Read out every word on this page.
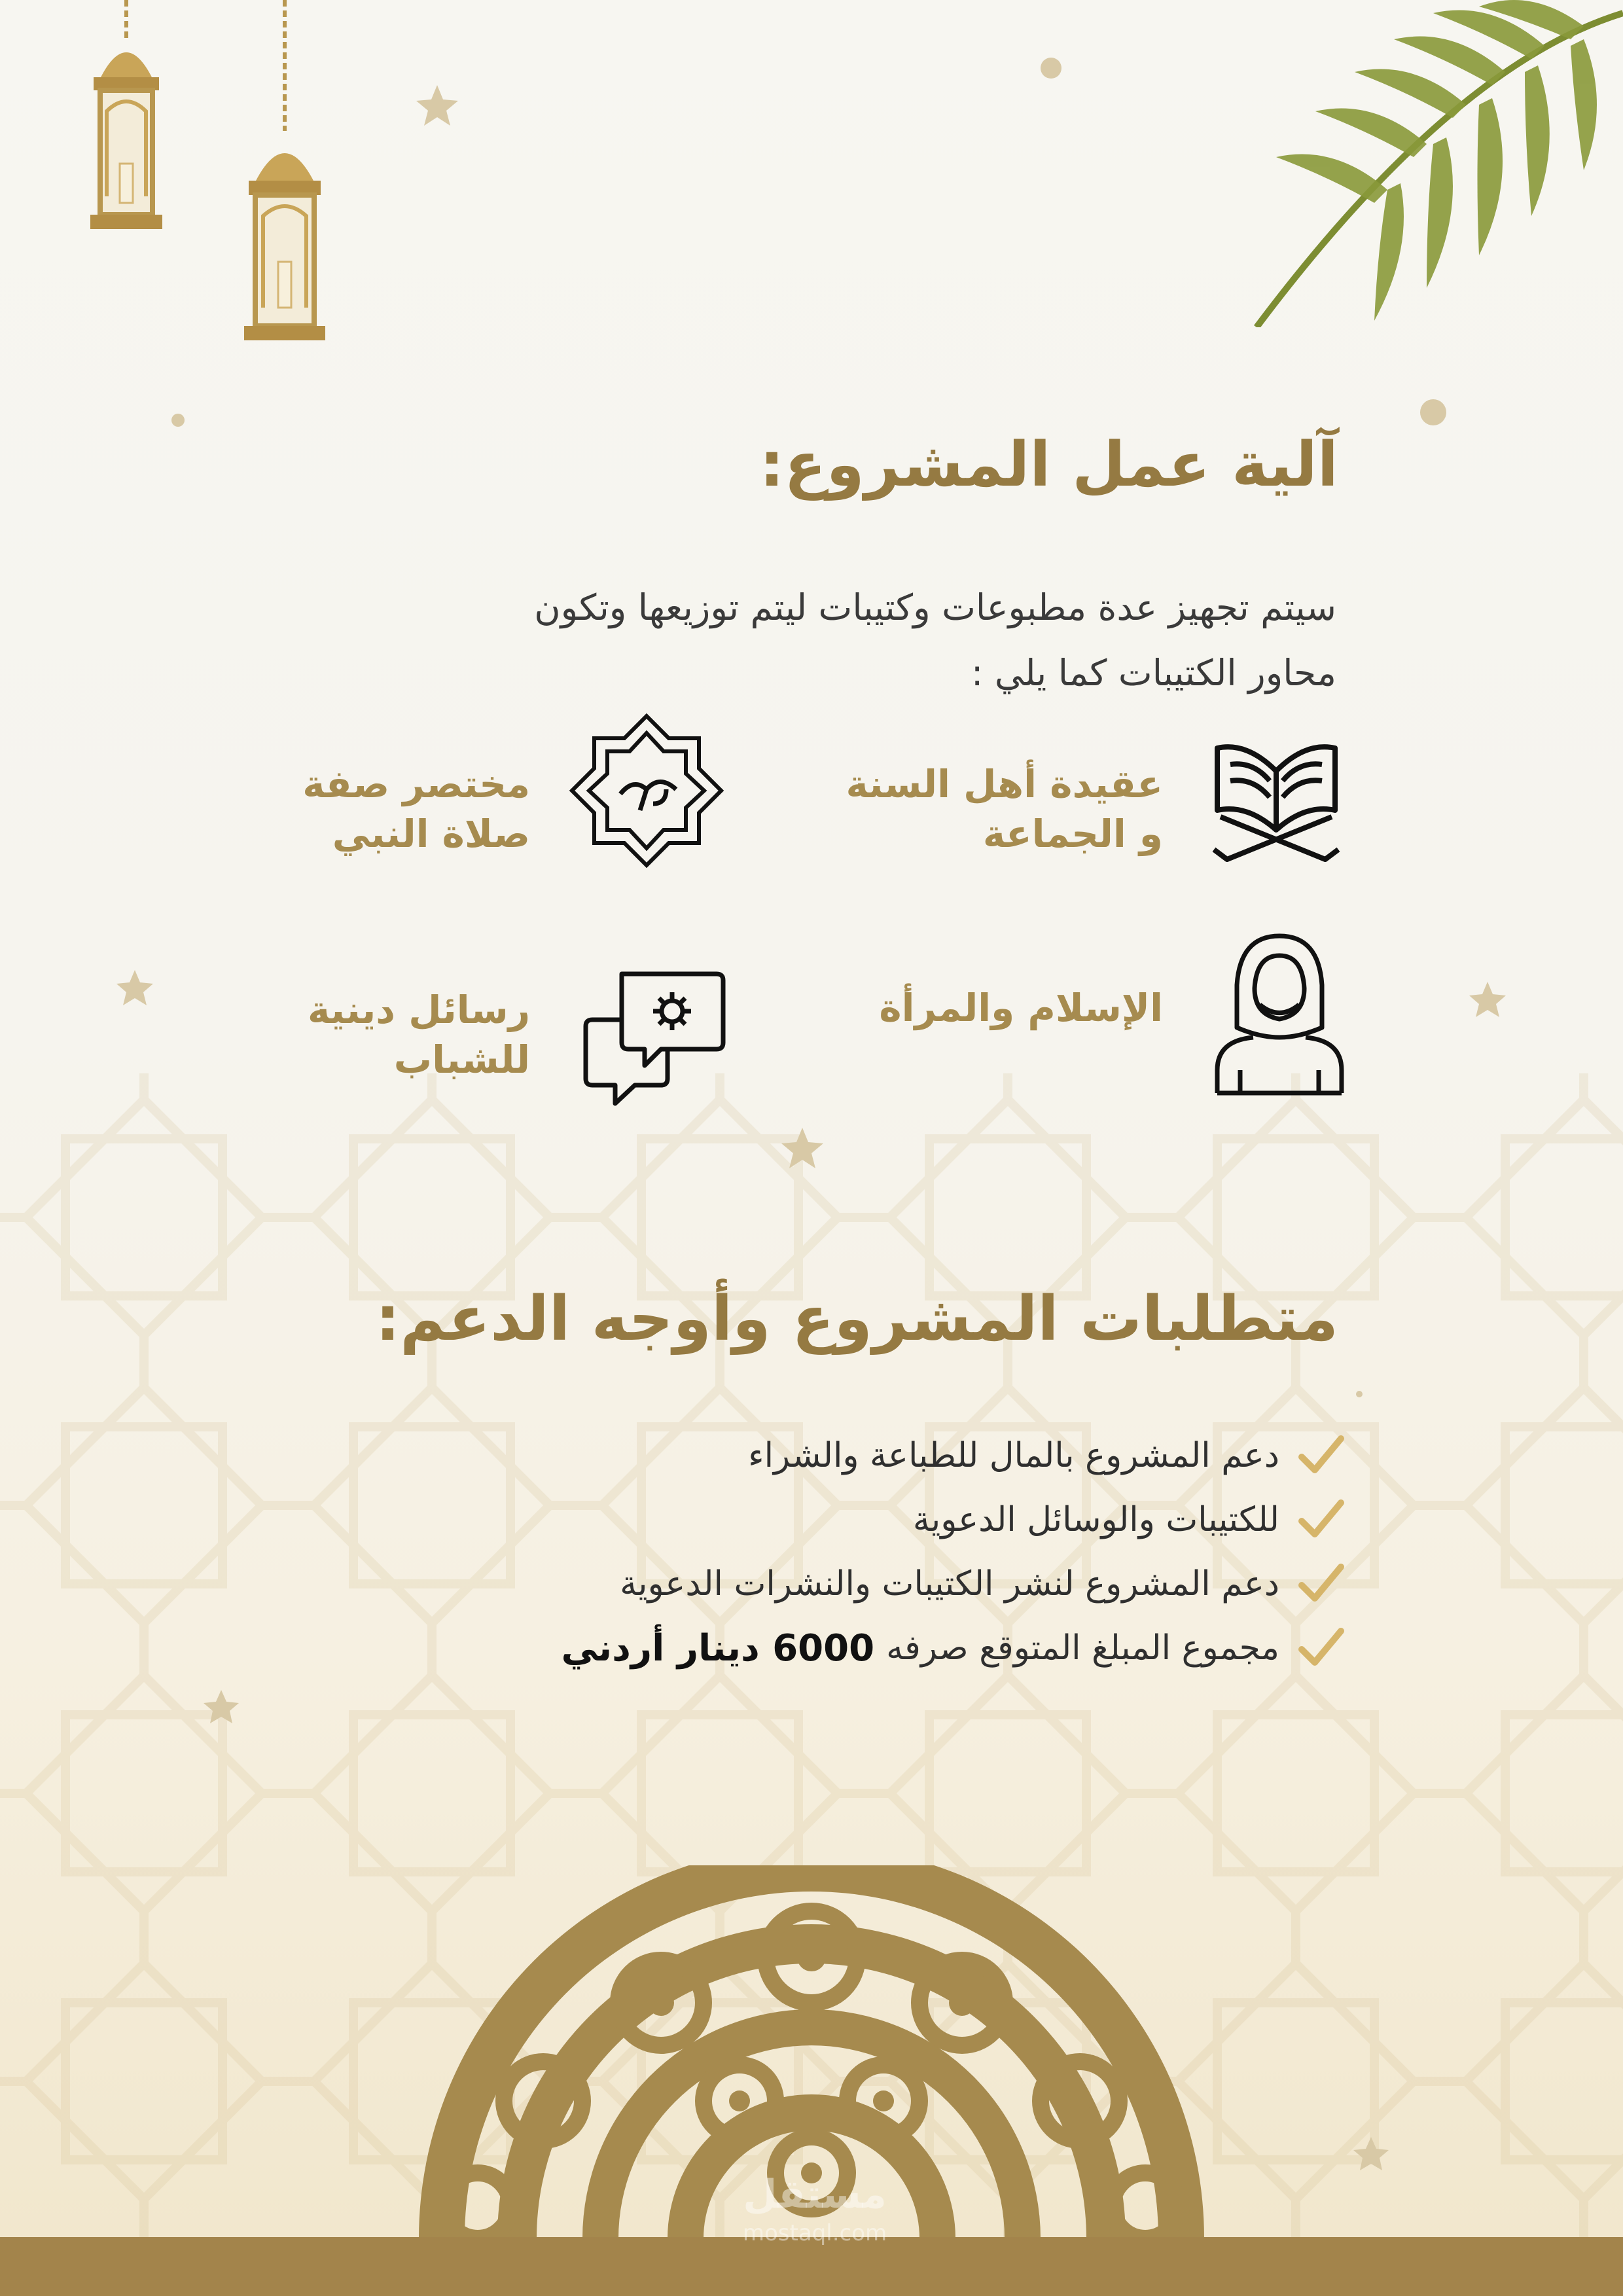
آلية عمل المشروع:

سيتم تجهيز عدة مطبوعات وكتيبات ليتم توزيعها وتكون
محاور الكتيبات كما يلي :

عقيدة أهل السنة
و الجماعة
مختصر صفة
صلاة النبي
الإسلام والمرأة
رسائل دينية
للشباب
متطلبات المشروع وأوجه الدعم:
دعم المشروع بالمال للطباعة والشراء
للكتيبات والوسائل الدعوية
دعم المشروع لنشر الكتيبات والنشرات الدعوية
مجموع المبلغ المتوقع صرفه
6000 دينار أردني
مستقل
mostaql.com
